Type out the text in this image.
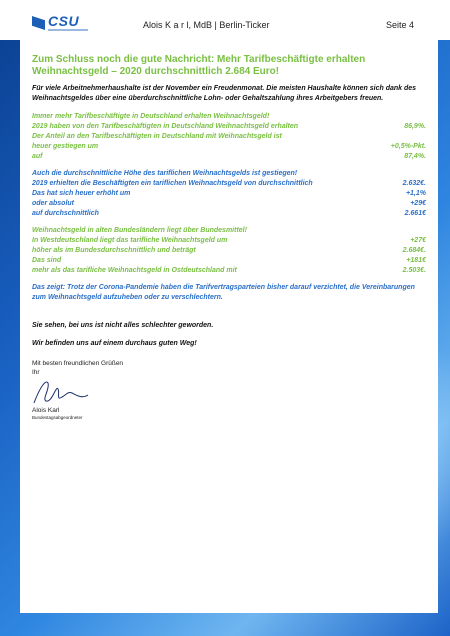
CSU	Alois K a r l, MdB | Berlin-Ticker	Seite 4

Zum Schluss noch die gute Nachricht: Mehr Tarifbeschäftigte erhalten Weihnachtsgeld – 2020 durchschnittlich 2.684 Euro!

Für viele Arbeitnehmerhaushalte ist der November ein Freudenmonat. Die meisten Haushalte können sich dank des Weihnachtsgeldes über eine überdurchschnittliche Lohn- oder Gehaltszahlung ihres Arbeitgebers freuen.

Immer mehr Tarifbeschäftigte in Deutschland erhalten Weihnachtsgeld!
2019 haben von den Tarifbeschäftigten in Deutschland Weihnachtsgeld erhalten	86,9%.
Der Anteil an den Tarifbeschäftigten in Deutschland mit Weihnachtsgeld ist
heuer gestiegen um	+0,5%-Pkt.
auf	87,4%.
Auch die durchschnittliche Höhe des tariflichen Weihnachtsgelds ist gestiegen!
2019 erhielten die Beschäftigten ein tariflichen Weihnachtsgeld von durchschnittlich	2.632€.
Das hat sich heuer erhöht um	+1,1%
oder absolut	+29€
auf durchschnittlich	2.661€
Weihnachtsgeld in alten Bundesländern liegt über Bundesmittel!
In Westdeutschland liegt das tarifliche Weihnachtsgeld um	+27€
höher als im Bundesdurchschnittlich und beträgt	2.684€.
Das sind	+181€
mehr als das tarifliche Weihnachtsgeld in Ostdeutschland mit	2.503€.

Das zeigt: Trotz der Corona-Pandemie haben die Tarifvertragsparteien bisher darauf verzichtet, die Vereinbarungen zum Weihnachtsgeld aufzuheben oder zu verschlechtern.

Sie sehen, bei uns ist nicht alles schlechter geworden.

Wir befinden uns auf einem durchaus guten Weg!

Mit besten freundlichen Grüßen
Ihr
Alois Karl
Bundestagsabgeordneter
